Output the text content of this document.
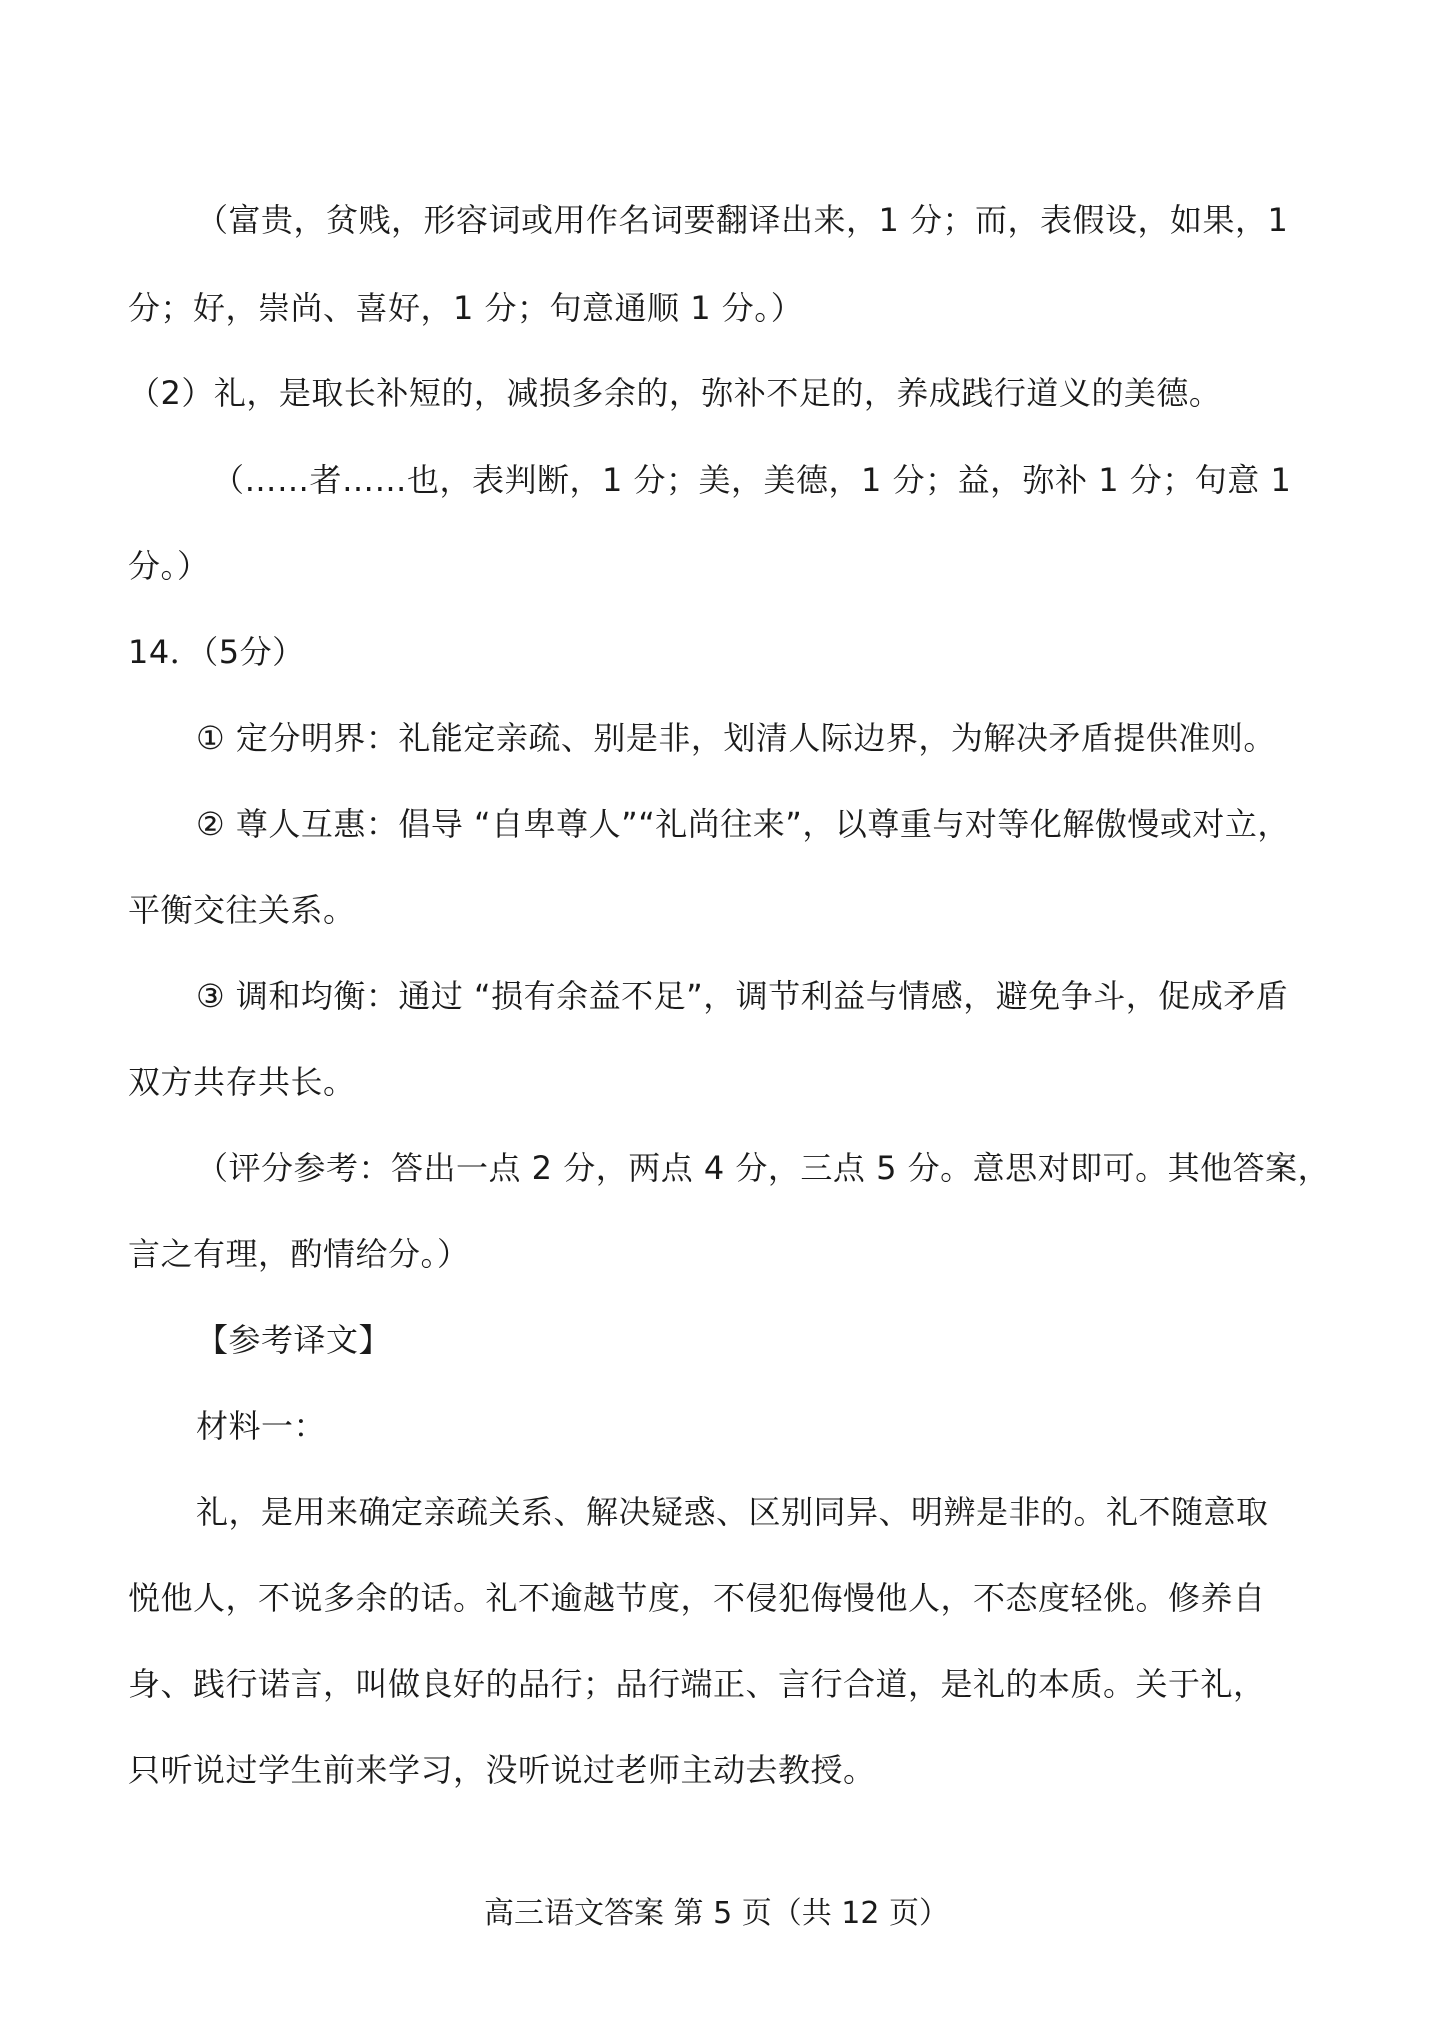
（富贵，贫贱，形容词或用作名词要翻译出来，1 分；而，表假设，如果，1
分；好，崇尚、喜好，1 分；句意通顺 1 分。）
（2）礼，是取长补短的，减损多余的，弥补不足的，养成践行道义的美德。
（……者……也，表判断，1 分；美，美德，1 分；益，弥补 1 分；句意 1
分。）
14．（5分）
① 定分明界：礼能定亲疏、别是非，划清人际边界，为解决矛盾提供准则。
② 尊人互惠：倡导 “自卑尊人”“礼尚往来”，以尊重与对等化解傲慢或对立，
平衡交往关系。
③ 调和均衡：通过 “损有余益不足”，调节利益与情感，避免争斗，促成矛盾
双方共存共长。
（评分参考：答出一点 2 分，两点 4 分，三点 5 分。意思对即可。其他答案，
言之有理，酌情给分。）
【参考译文】
材料一：
礼，是用来确定亲疏关系、解决疑惑、区别同异、明辨是非的。礼不随意取
悦他人，不说多余的话。礼不逾越节度，不侵犯侮慢他人，不态度轻佻。修养自
身、践行诺言，叫做良好的品行；品行端正、言行合道，是礼的本质。关于礼，
只听说过学生前来学习，没听说过老师主动去教授。
高三语文答案 第 5 页（共 12 页）
